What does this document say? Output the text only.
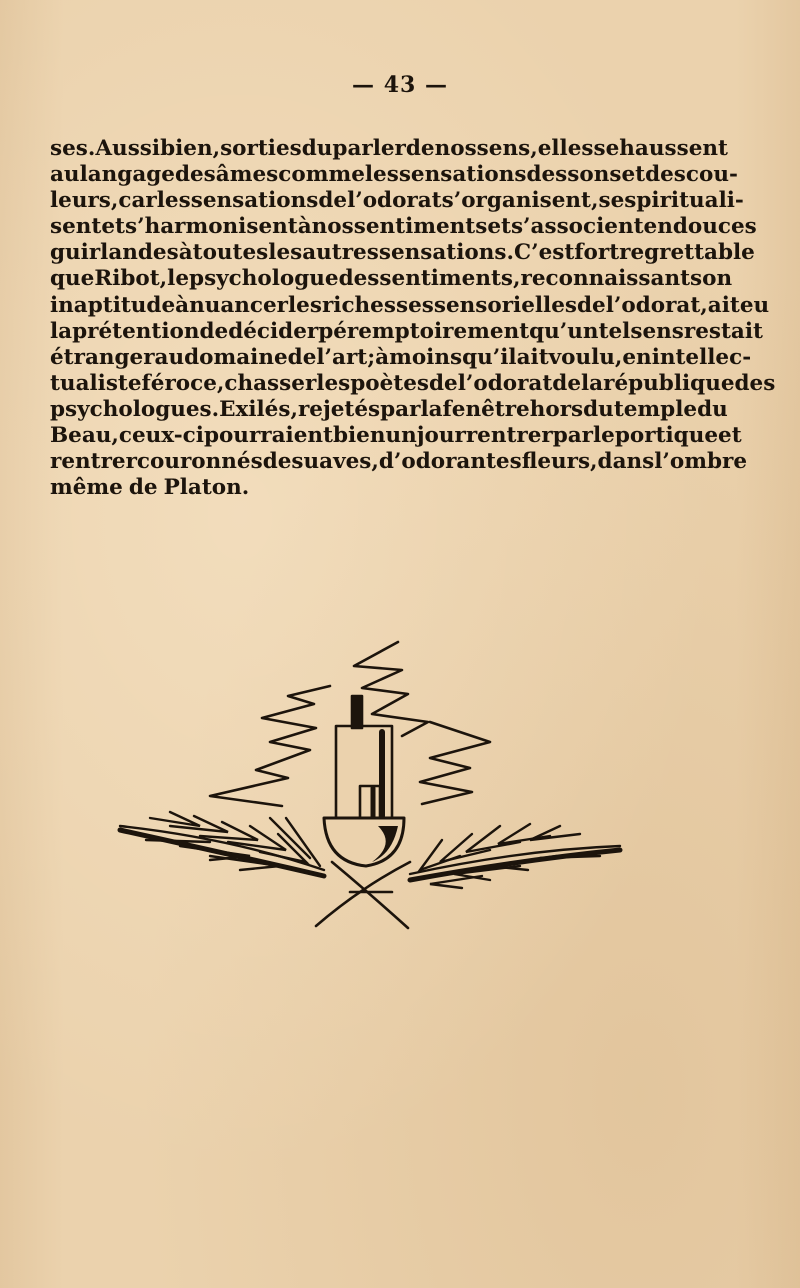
— 43 —
ses. Aussi bien, sorties du parler de nos sens, elles se haussent
au langage des âmes comme les sensations des sons et des cou-
leurs, car les sensations de l’odorat s’organisent, se spirituali-
sent et s’harmonisent à nos sentiments et s’associent en douces
guirlandes à toutes les autres sensations. C’est fort regrettable
que Ribot, le psychologue des sentiments, reconnaissant son
inaptitude à nuancer les richesses sensorielles de l’odorat, ait eu
la prétention de décider péremptoirement qu’un tel sens restait
étranger au domaine de l’art; à moins qu’il ait voulu, en intellec-
tualiste féroce, chasser les poètes de l’odorat de la république des
psychologues. Exilés, rejetés par la fenêtre hors du temple du
Beau, ceux-ci pourraient bien un jour rentrer par le portique et
rentrer couronnés de suaves, d’odorantes fleurs, dans l’ombre
même de Platon.
